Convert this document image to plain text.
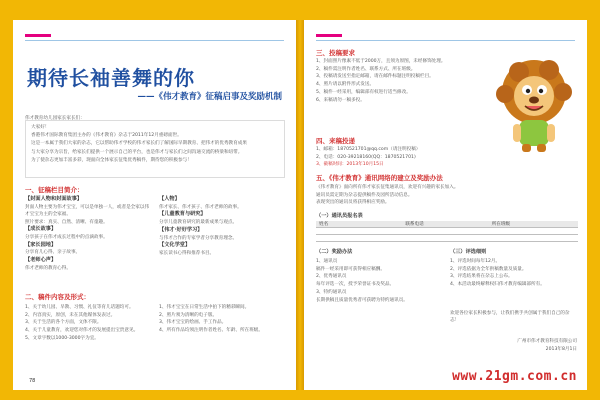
期待长袖善舞的你
——《伟才教育》征稿启事及奖励机制
伟才教育幼儿园家长家长们：

大家好！

香港伟才国际教育集团主办的《伟才教育》杂志于2011年12月重磅面世。

这是一本属于我们大家的杂志，它以帮助伟才学校的伟才家长们了解国际早期教育、把伟才的优秀教育成果

与大家分享为宗旨，给家长们提供一个展示自己的平台，也是伟才与家长们之间沟通交流的桥梁和纽带。

为了使杂志更加丰富多彩，现面向全体家长征集优秀稿件，期待您的积极参与！

一、征稿栏目简介：

【封面人物和封面故事】

封面人物主要为伟才宝宝，可以是单独一人，或者是全家以伟才宝宝为主的全家福。

照片要求：真实、自然、清晰、有童趣。

【成长故事】

分享孩子在伟才成长过程中的点滴故事。

【家长园地】

分享育儿心得、亲子故事。

【老师心声】

伟才老师的教育心得。

【人物】

伟才家长、伟才孩子、伟才老师的故事。

【儿童教育与研究】

分享儿童教育研究的最新成果与观点。

【伟才·好好学习】

与伟才合作的专家学者分享教育理念。

【文化学堂】

家长读书心得和推荐书目。

二、稿件内容及形式：

1、关于幼儿园、早教、习惯、礼仪等育儿话题均可。

2、内容真实，原创，未在其他媒体发表过。

3、关于生活的各个方面，文体不限。

4、关于儿童教育，欢迎您对伟才的发展提出宝贵意见。

5、文章字数以1000-3000字为宜。

1、伟才宝宝在日常生活中拍下的精彩瞬间。

2、照片须为清晰的电子版。

3、伟才宝宝的绘画、手工作品。

4、所有作品均须注明作者姓名、年龄、所在班级。

78
三、投稿要求

1、封面照片像素不低于2000万，且须为原图，未经修饰处理。

2、稿件需注明作者姓名、联系方式、所在班级。

3、投稿请发送至指定邮箱，请在邮件标题注明投稿栏目。

4、照片请以附件形式发送。

5、稿件一经采用，编辑部有权进行适当修改。

6、来稿请勿一稿多投。

四、来稿投递

1、邮箱：1870521701@qq.com（请注明投稿）

2、电话：020-39218160(QQ：1870521701)

3、截稿时间：2013年10月15日

五、《伟才教育》通讯网络的建立及奖励办法

《伟才教育》面向所有伟才家长征集通讯员，欢迎有兴趣的家长加入。

通讯员需定期为杂志提供稿件及园所活动信息。

表现突出的通讯员将获得相应奖励。

（一）通讯员报名表
姓名	联系电话	所在班级
（二）奖励办法

1、通讯员

稿件一经采用即可获得相应稿酬。

2、优秀通讯员

每年评选一次，授予荣誉证书及奖品。

3、特约通讯员

长期供稿且质量优秀者可获聘为特约通讯员。

（三）评选细则

1、评选时间每年12月。

2、评选依据为全年供稿数量及质量。

3、评选结果将在杂志上公布。

4、本活动最终解释权归伟才教育编辑部所有。

欢迎各位家长积极参与，让我们携手共创属于我们自己的杂志！
广州市伟才教育科技有限公司
2013年8月1日
www.21gm.com.cn
